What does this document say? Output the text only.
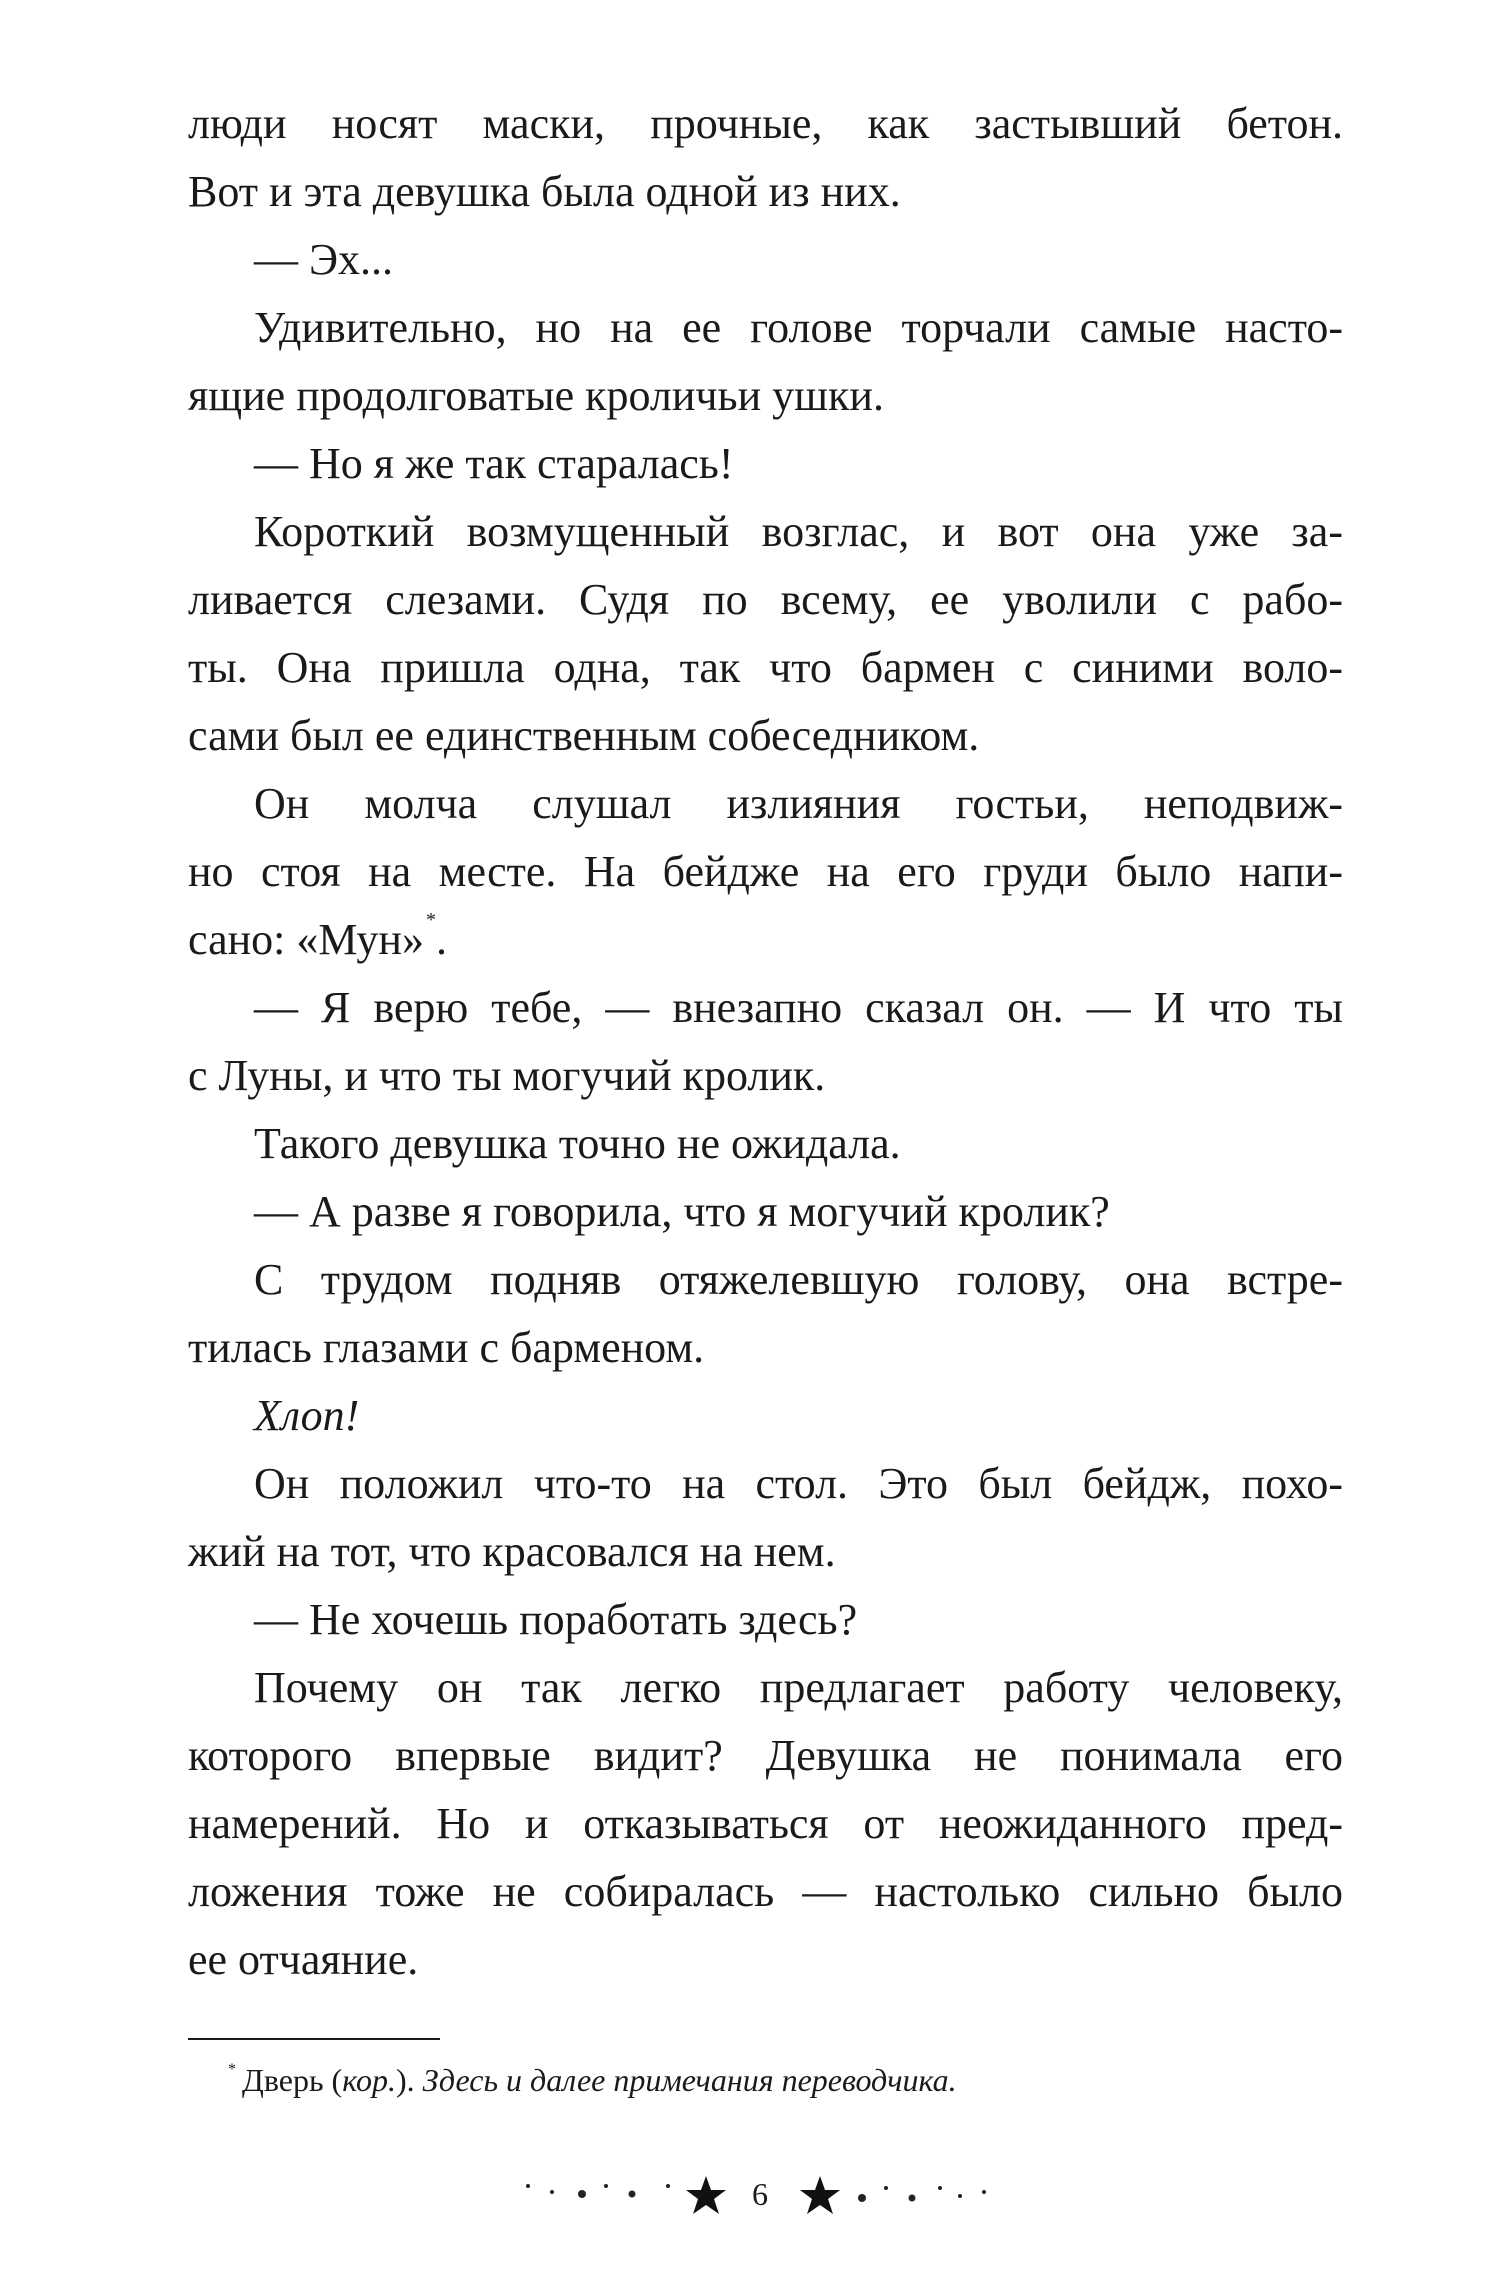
люди носят маски, прочные, как застывший бетон.
Вот и эта девушка была одной из них.
— Эх...
Удивительно, но на ее голове торчали самые насто-
ящие продолговатые кроличьи ушки.
— Но я же так старалась!
Короткий возмущенный возглас, и вот она уже за-
ливается слезами. Судя по всему, ее уволили с рабо-
ты. Она пришла одна, так что бармен с синими воло-
сами был ее единственным собеседником.
Он молча слушал излияния гостьи, неподвиж-
но стоя на месте. На бейдже на его груди было напи-
сано: «Мун» *.
— Я верю тебе, — внезапно сказал он. — И что ты
с Луны, и что ты могучий кролик.
Такого девушка точно не ожидала.
— А разве я говорила, что я могучий кролик?
С трудом подняв отяжелевшую голову, она встре-
тилась глазами с барменом.
Хлоп!
Он положил что-то на стол. Это был бейдж, похо-
жий на тот, что красовался на нем.
— Не хочешь поработать здесь?
Почему он так легко предлагает работу человеку,
которого впервые видит? Девушка не понимала его
намерений. Но и отказываться от неожиданного пред-
ложения тоже не собиралась — настолько сильно было
ее отчаяние.
* Дверь (кор.). Здесь и далее примечания переводчика.
6
